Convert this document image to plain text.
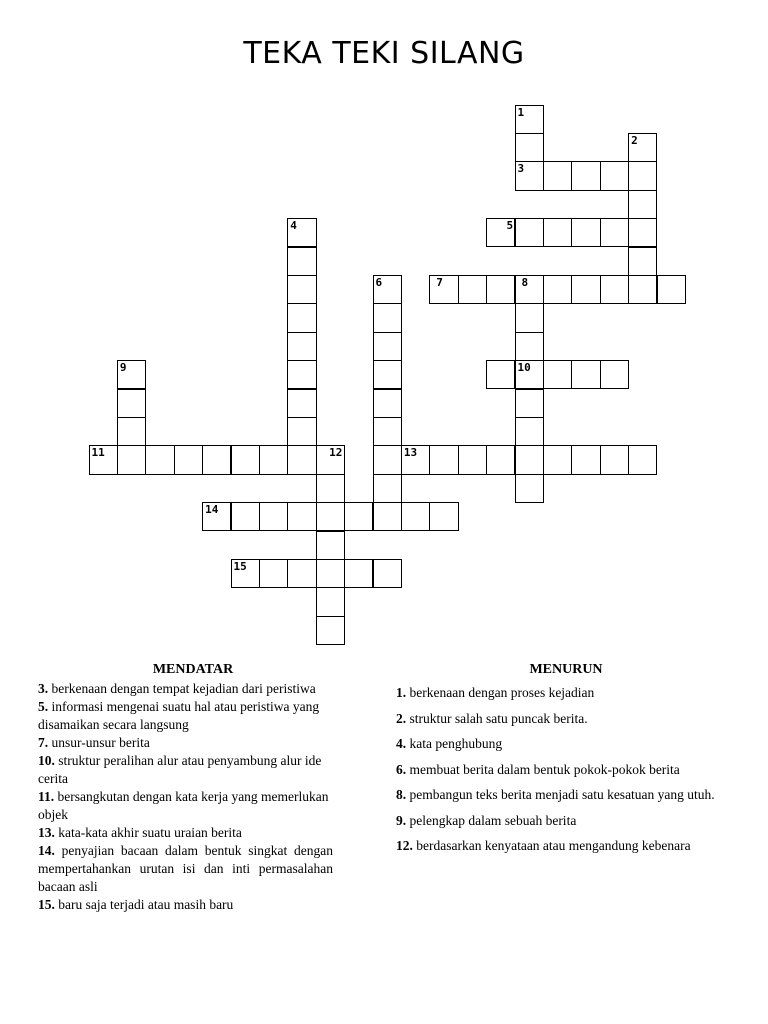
TEKA TEKI SILANG
1
2
3
4	5
6	7	8
9	10
11	12	13
14
15
MENDATAR

3. berkenaan dengan tempat kejadian dari peristiwa

5. informasi mengenai suatu hal atau peristiwa yang disamaikan secara langsung

7. unsur-unsur berita

10. struktur peralihan alur atau penyambung alur ide cerita

11. bersangkutan dengan kata kerja yang memerlukan objek

13. kata-kata akhir suatu uraian berita

14. penyajian bacaan dalam bentuk singkat dengan mempertahankan urutan isi dan inti permasalahan bacaan asli

15. baru saja terjadi atau masih baru

MENURUN

1. berkenaan dengan proses kejadian

2. struktur salah satu puncak berita.

4. kata penghubung

6. membuat berita dalam bentuk pokok-pokok berita

8. pembangun teks berita menjadi satu kesatuan yang utuh.

9. pelengkap dalam sebuah berita

12. berdasarkan kenyataan atau mengandung kebenara
